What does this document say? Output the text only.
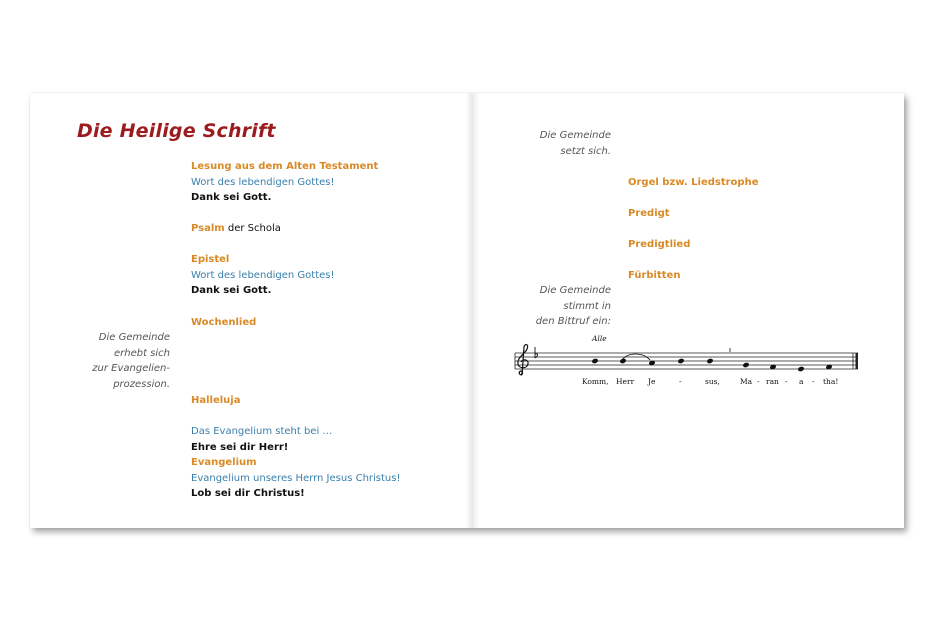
Die Heilige Schrift
Lesung aus dem Alten Testament
Wort des lebendigen Gottes!
Dank sei Gott.
Psalm der Schola
Epistel
Wort des lebendigen Gottes!
Dank sei Gott.
Wochenlied
Die Gemeinde
erhebt sich
zur Evangelien-
prozession.
Halleluja
Das Evangelium steht bei …
Ehre sei dir Herr!
Evangelium
Evangelium unseres Herrn Jesus Christus!
Lob sei dir Christus!
Die Gemeinde
setzt sich.
Orgel bzw. Liedstrophe
Predigt
Predigtlied
Fürbitten
Die Gemeinde
stimmt in
den Bittruf ein:
Alle
Komm, Herr Je	-	sus,	Ma - ran - a - tha!
